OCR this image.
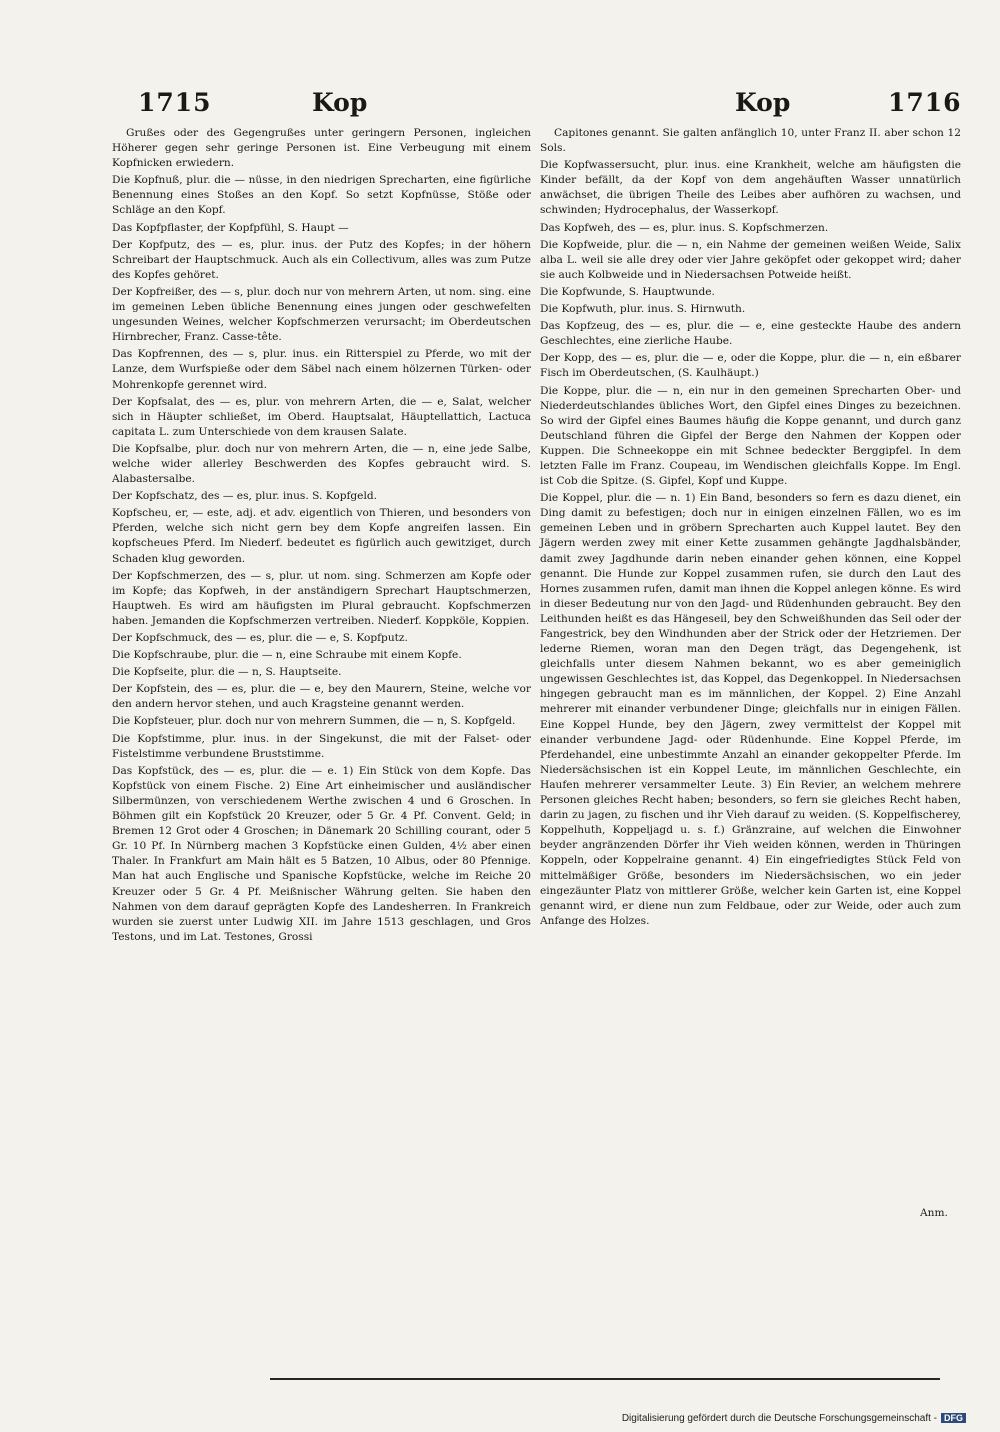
1715	Kop	Kop	1716

Grußes oder des Gegengrußes unter geringern Personen, ingleichen Höherer gegen sehr geringe Personen ist. Eine Verbeugung mit einem Kopfnicken erwiedern.

Die Kopfnuß, plur. die — nüsse, in den niedrigen Sprecharten, eine figürliche Benennung eines Stoßes an den Kopf. So setzt Kopfnüsse, Stöße oder Schläge an den Kopf.

Das Kopfpflaster, der Kopfpfühl, S. Haupt —

Der Kopfputz, des — es, plur. inus. der Putz des Kopfes; in der höhern Schreibart der Hauptschmuck. Auch als ein Collectivum, alles was zum Putze des Kopfes gehöret.

Der Kopfreißer, des — s, plur. doch nur von mehrern Arten, ut nom. sing. eine im gemeinen Leben übliche Benennung eines jungen oder geschwefelten ungesunden Weines, welcher Kopfschmerzen verursacht; im Oberdeutschen Hirnbrecher, Franz. Casse-tête.

Das Kopfrennen, des — s, plur. inus. ein Ritterspiel zu Pferde, wo mit der Lanze, dem Wurfspieße oder dem Säbel nach einem hölzernen Türken- oder Mohrenkopfe gerennet wird.

Der Kopfsalat, des — es, plur. von mehrern Arten, die — e, Salat, welcher sich in Häupter schließet, im Oberd. Hauptsalat, Häuptellattich, Lactuca capitata L. zum Unterschiede von dem krausen Salate.

Die Kopfsalbe, plur. doch nur von mehrern Arten, die — n, eine jede Salbe, welche wider allerley Beschwerden des Kopfes gebraucht wird. S. Alabastersalbe.

Der Kopfschatz, des — es, plur. inus. S. Kopfgeld.

Kopfscheu, er, — este, adj. et adv. eigentlich von Thieren, und besonders von Pferden, welche sich nicht gern bey dem Kopfe angreifen lassen. Ein kopfscheues Pferd. Im Niederf. bedeutet es figürlich auch gewitziget, durch Schaden klug geworden.

Der Kopfschmerzen, des — s, plur. ut nom. sing. Schmerzen am Kopfe oder im Kopfe; das Kopfweh, in der anständigern Sprechart Hauptschmerzen, Hauptweh. Es wird am häufigsten im Plural gebraucht. Kopfschmerzen haben. Jemanden die Kopfschmerzen vertreiben. Niederf. Koppköle, Koppien.

Der Kopfschmuck, des — es, plur. die — e, S. Kopfputz.

Die Kopfschraube, plur. die — n, eine Schraube mit einem Kopfe.

Die Kopfseite, plur. die — n, S. Hauptseite.

Der Kopfstein, des — es, plur. die — e, bey den Maurern, Steine, welche vor den andern hervor stehen, und auch Kragsteine genannt werden.

Die Kopfsteuer, plur. doch nur von mehrern Summen, die — n, S. Kopfgeld.

Die Kopfstimme, plur. inus. in der Singekunst, die mit der Falset- oder Fistelstimme verbundene Bruststimme.

Das Kopfstück, des — es, plur. die — e. 1) Ein Stück von dem Kopfe. Das Kopfstück von einem Fische. 2) Eine Art einheimischer und ausländischer Silbermünzen, von verschiedenem Werthe zwischen 4 und 6 Groschen. In Böhmen gilt ein Kopfstück 20 Kreuzer, oder 5 Gr. 4 Pf. Convent. Geld; in Bremen 12 Grot oder 4 Groschen; in Dänemark 20 Schilling courant, oder 5 Gr. 10 Pf. In Nürnberg machen 3 Kopfstücke einen Gulden, 4½ aber einen Thaler. In Frankfurt am Main hält es 5 Batzen, 10 Albus, oder 80 Pfennige. Man hat auch Englische und Spanische Kopfstücke, welche im Reiche 20 Kreuzer oder 5 Gr. 4 Pf. Meißnischer Währung gelten. Sie haben den Nahmen von dem darauf geprägten Kopfe des Landesherren. In Frankreich wurden sie zuerst unter Ludwig XII. im Jahre 1513 geschlagen, und Gros Testons, und im Lat. Testones, Grossi

Capitones genannt. Sie galten anfänglich 10, unter Franz II. aber schon 12 Sols.

Die Kopfwassersucht, plur. inus. eine Krankheit, welche am häufigsten die Kinder befällt, da der Kopf von dem angehäuften Wasser unnatürlich anwächset, die übrigen Theile des Leibes aber aufhören zu wachsen, und schwinden; Hydrocephalus, der Wasserkopf.

Das Kopfweh, des — es, plur. inus. S. Kopfschmerzen.

Die Kopfweide, plur. die — n, ein Nahme der gemeinen weißen Weide, Salix alba L. weil sie alle drey oder vier Jahre geköpfet oder gekoppet wird; daher sie auch Kolbweide und in Niedersachsen Potweide heißt.

Die Kopfwunde, S. Hauptwunde.

Die Kopfwuth, plur. inus. S. Hirnwuth.

Das Kopfzeug, des — es, plur. die — e, eine gesteckte Haube des andern Geschlechtes, eine zierliche Haube.

Der Kopp, des — es, plur. die — e, oder die Koppe, plur. die — n, ein eßbarer Fisch im Oberdeutschen, (S. Kaulhäupt.)

Die Koppe, plur. die — n, ein nur in den gemeinen Sprecharten Ober- und Niederdeutschlandes übliches Wort, den Gipfel eines Dinges zu bezeichnen. So wird der Gipfel eines Baumes häufig die Koppe genannt, und durch ganz Deutschland führen die Gipfel der Berge den Nahmen der Koppen oder Kuppen. Die Schneekoppe ein mit Schnee bedeckter Berggipfel. In dem letzten Falle im Franz. Coupeau, im Wendischen gleichfalls Koppe. Im Engl. ist Cob die Spitze. (S. Gipfel, Kopf und Kuppe.

Die Koppel, plur. die — n. 1) Ein Band, besonders so fern es dazu dienet, ein Ding damit zu befestigen; doch nur in einigen einzelnen Fällen, wo es im gemeinen Leben und in gröbern Sprecharten auch Kuppel lautet. Bey den Jägern werden zwey mit einer Kette zusammen gehängte Jagdhalsbänder, damit zwey Jagdhunde darin neben einander gehen können, eine Koppel genannt. Die Hunde zur Koppel zusammen rufen, sie durch den Laut des Hornes zusammen rufen, damit man ihnen die Koppel anlegen könne. Es wird in dieser Bedeutung nur von den Jagd- und Rüdenhunden gebraucht. Bey den Leithunden heißt es das Hängeseil, bey den Schweißhunden das Seil oder der Fangestrick, bey den Windhunden aber der Strick oder der Hetzriemen. Der lederne Riemen, woran man den Degen trägt, das Degengehenk, ist gleichfalls unter diesem Nahmen bekannt, wo es aber gemeiniglich ungewissen Geschlechtes ist, das Koppel, das Degenkoppel. In Niedersachsen hingegen gebraucht man es im männlichen, der Koppel. 2) Eine Anzahl mehrerer mit einander verbundener Dinge; gleichfalls nur in einigen Fällen. Eine Koppel Hunde, bey den Jägern, zwey vermittelst der Koppel mit einander verbundene Jagd- oder Rüdenhunde. Eine Koppel Pferde, im Pferdehandel, eine unbestimmte Anzahl an einander gekoppelter Pferde. Im Niedersächsischen ist ein Koppel Leute, im männlichen Geschlechte, ein Haufen mehrerer versammelter Leute. 3) Ein Revier, an welchem mehrere Personen gleiches Recht haben; besonders, so fern sie gleiches Recht haben, darin zu jagen, zu fischen und ihr Vieh darauf zu weiden. (S. Koppelfischerey, Koppelhuth, Koppeljagd u. s. f.) Gränzraine, auf welchen die Einwohner beyder angränzenden Dörfer ihr Vieh weiden können, werden in Thüringen Koppeln, oder Koppelraine genannt. 4) Ein eingefriedigtes Stück Feld von mittelmäßiger Größe, besonders im Niedersächsischen, wo ein jeder eingezäunter Platz von mittlerer Größe, welcher kein Garten ist, eine Koppel genannt wird, er diene nun zum Feldbaue, oder zur Weide, oder auch zum Anfange des Holzes.

Anm.
Digitalisierung gefördert durch die Deutsche Forschungsgemeinschaft - DFG
